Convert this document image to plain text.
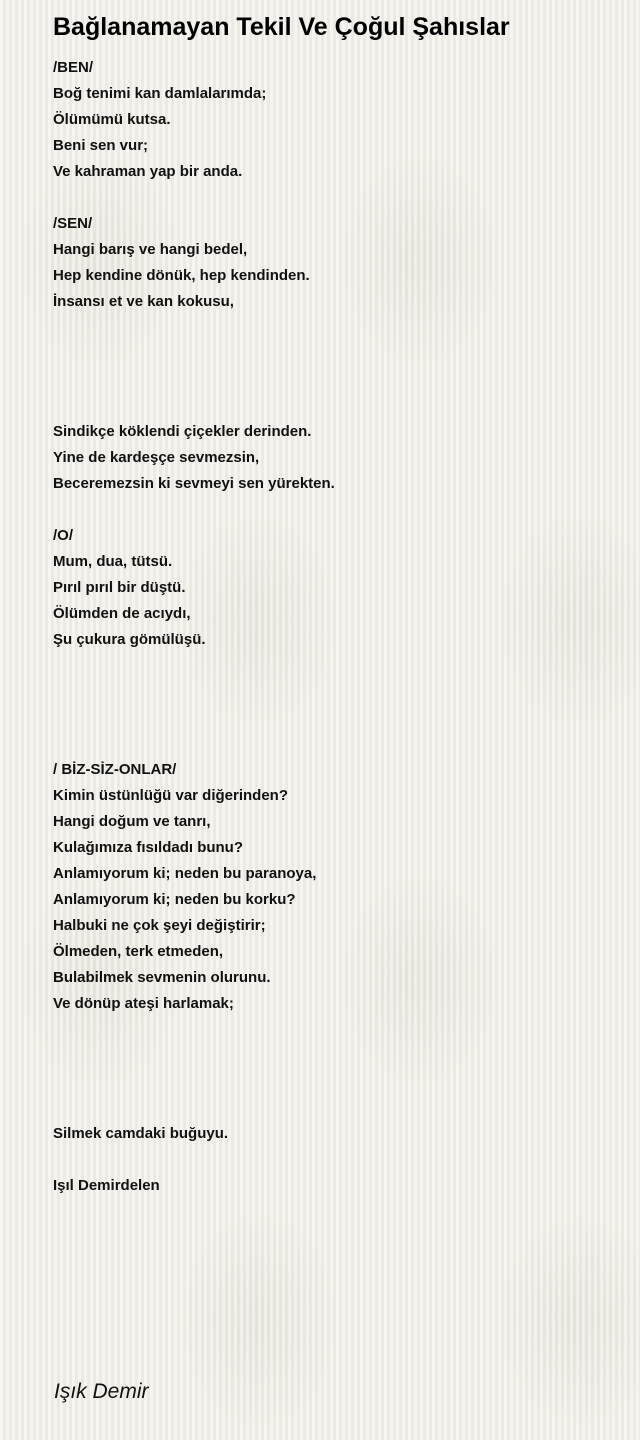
Bağlanamayan Tekil Ve Çoğul Şahıslar
/BEN/
Boğ tenimi kan damlalarımda;
Ölümümü kutsa.
Beni sen vur;
Ve kahraman yap bir anda.
/SEN/
Hangi barış ve hangi bedel,
Hep kendine dönük, hep kendinden.
İnsansı et ve kan kokusu,
Sindikçe köklendi çiçekler derinden.
Yine de kardeşçe sevmezsin,
Beceremezsin ki sevmeyi sen yürekten.
/O/
Mum, dua, tütsü.
Pırıl pırıl bir düştü.
Ölümden de acıydı,
Şu çukura gömülüşü.
/ BİZ-SİZ-ONLAR/
Kimin üstünlüğü var diğerinden?
Hangi doğum ve tanrı,
Kulağımıza fısıldadı bunu?
Anlamıyorum ki; neden bu paranoya,
Anlamıyorum ki; neden bu korku?
Halbuki ne çok şeyi değiştirir;
Ölmeden, terk etmeden,
Bulabilmek sevmenin olurunu.
Ve dönüp ateşi harlamak;
Silmek camdaki buğuyu.
Işıl Demirdelen
Işık Demir
